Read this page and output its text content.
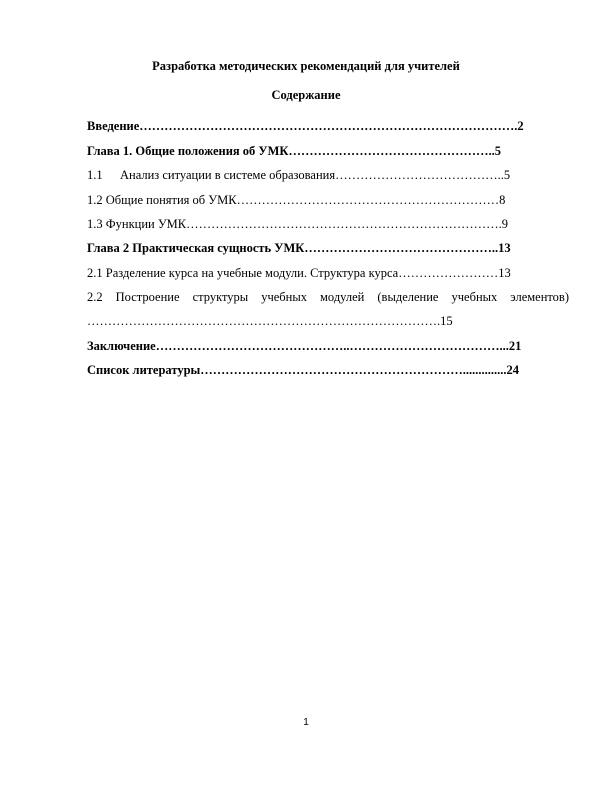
Разработка методических рекомендаций для учителей
Содержание
Введение……………………………………………………………………………….2
Глава 1. Общие положения об УМК…………………………………………..5
1.1 Анализ ситуации в системе образования…………………………………..5
1.2 Общие понятия об УМК………………………………………………………8
1.3 Функции УМК………………………………………………………………….9
Глава 2 Практическая сущность УМК………………………………………..13
2.1 Разделение курса на учебные модули. Структура курса……………………13
2.2 Построение структуры учебных модулей (выделение учебных элементов)
………………………………………………………………………….15
Заключение………………………………………..………………………………...21
Список литературы………………………………………………………..............24
1
